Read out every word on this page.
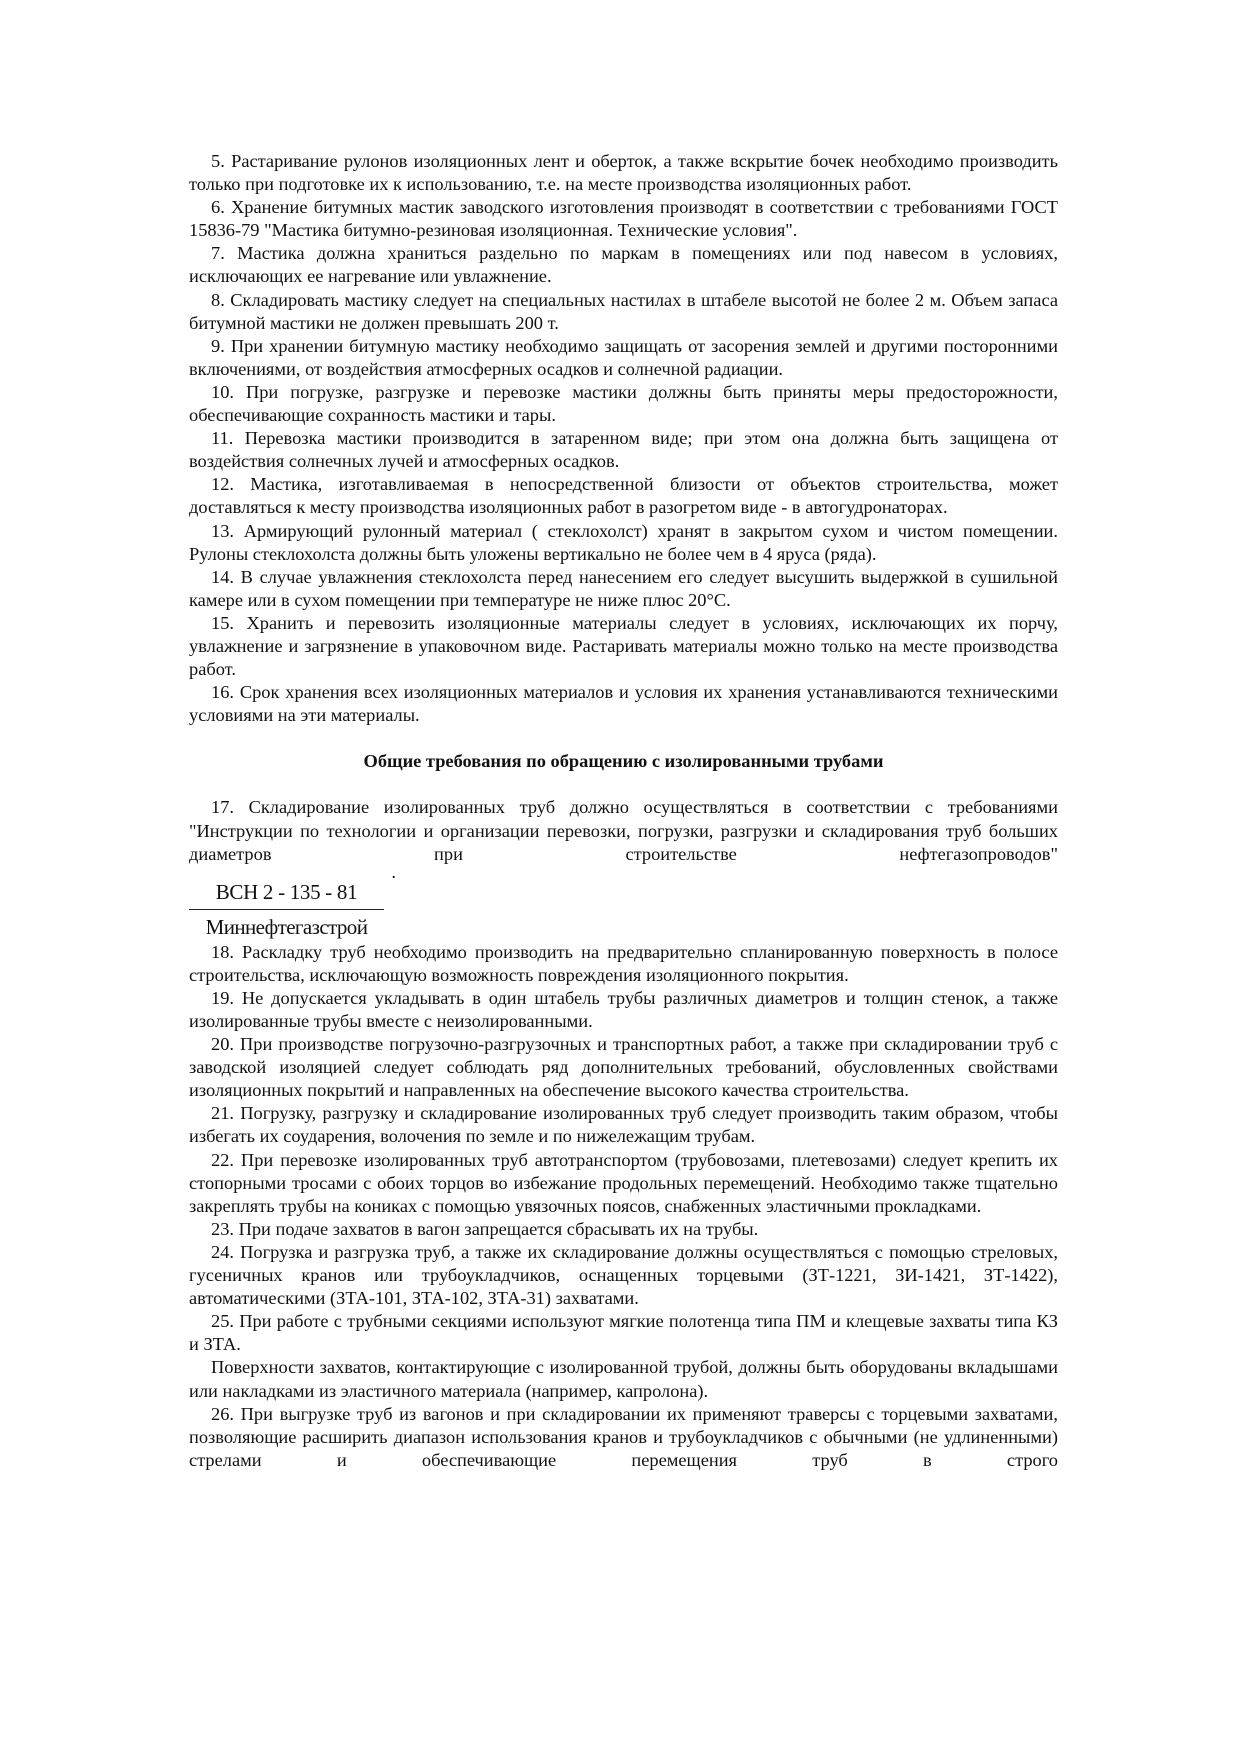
5. Растаривание рулонов изоляционных лент и оберток, а также вскрытие бочек необходимо производить только при подготовке их к использованию, т.е. на месте производства изоляционных работ.

6. Хранение битумных мастик заводского изготовления производят в соответствии с требованиями ГОСТ 15836-79 "Мастика битумно-резиновая изоляционная. Технические условия".

7. Мастика должна храниться раздельно по маркам в помещениях или под навесом в условиях, исключающих ее нагревание или увлажнение.

8. Складировать мастику следует на специальных настилах в штабеле высотой не более 2 м. Объем запаса битумной мастики не должен превышать 200 т.

9. При хранении битумную мастику необходимо защищать от засорения землей и другими посторонними включениями, от воздействия атмосферных осадков и солнечной радиации.

10. При погрузке, разгрузке и перевозке мастики должны быть приняты меры предосторожности, обеспечивающие сохранность мастики и тары.

11. Перевозка мастики производится в затаренном виде; при этом она должна быть защищена от воздействия солнечных лучей и атмосферных осадков.

12. Мастика, изготавливаемая в непосредственной близости от объектов строительства, может доставляться к месту производства изоляционных работ в разогретом виде - в автогудронаторах.

13. Армирующий рулонный материал ( стеклохолст) хранят в закрытом сухом и чистом помещении. Рулоны стеклохолста должны быть уложены вертикально не более чем в 4 яруса (ряда).

14. В случае увлажнения стеклохолста перед нанесением его следует высушить выдержкой в сушильной камере или в сухом помещении при температуре не ниже плюс 20°С.

15. Хранить и перевозить изоляционные материалы следует в условиях, исключающих их порчу, увлажнение и загрязнение в упаковочном виде. Растаривать материалы можно только на месте производства работ.

16. Срок хранения всех изоляционных материалов и условия их хранения устанавливаются техническими условиями на эти материалы.

Общие требования по обращению с изолированными трубами

17. Складирование изолированных труб должно осуществляться в соответствии с требованиями "Инструкции по технологии и организации перевозки, погрузки, разгрузки и складирования труб больших диаметров при строительстве нефтегазопроводов"

.
ВСН 2 - 135 - 81
Миннефтегазстрой

18. Раскладку труб необходимо производить на предварительно спланированную поверхность в полосе строительства, исключающую возможность повреждения изоляционного покрытия.

19. Не допускается укладывать в один штабель трубы различных диаметров и толщин стенок, а также изолированные трубы вместе с неизолированными.

20. При производстве погрузочно-разгрузочных и транспортных работ, а также при складировании труб с заводской изоляцией следует соблюдать ряд дополнительных требований, обусловленных свойствами изоляционных покрытий и направленных на обеспечение высокого качества строительства.

21. Погрузку, разгрузку и складирование изолированных труб следует производить таким образом, чтобы избегать их соударения, волочения по земле и по нижележащим трубам.

22. При перевозке изолированных труб автотранспортом (трубовозами, плетевозами) следует крепить их стопорными тросами с обоих торцов во избежание продольных перемещений. Необходимо также тщательно закреплять трубы на кониках с помощью увязочных поясов, снабженных эластичными прокладками.

23. При подаче захватов в вагон запрещается сбрасывать их на трубы.

24. Погрузка и разгрузка труб, а также их складирование должны осуществляться с помощью стреловых, гусеничных кранов или трубоукладчиков, оснащенных торцевыми (ЗТ-1221, ЗИ-1421, ЗТ-1422), автоматическими (ЗТА-101, ЗТА-102, ЗТА-31) захватами.

25. При работе с трубными секциями используют мягкие полотенца типа ПМ и клещевые захваты типа КЗ и ЗТА.

Поверхности захватов, контактирующие с изолированной трубой, должны быть оборудованы вкладышами или накладками из эластичного материала (например, капролона).

26. При выгрузке труб из вагонов и при складировании их применяют траверсы с торцевыми захватами, позволяющие расширить диапазон использования кранов и трубоукладчиков с обычными (не удлиненными) стрелами и обеспечивающие перемещения труб в строго
